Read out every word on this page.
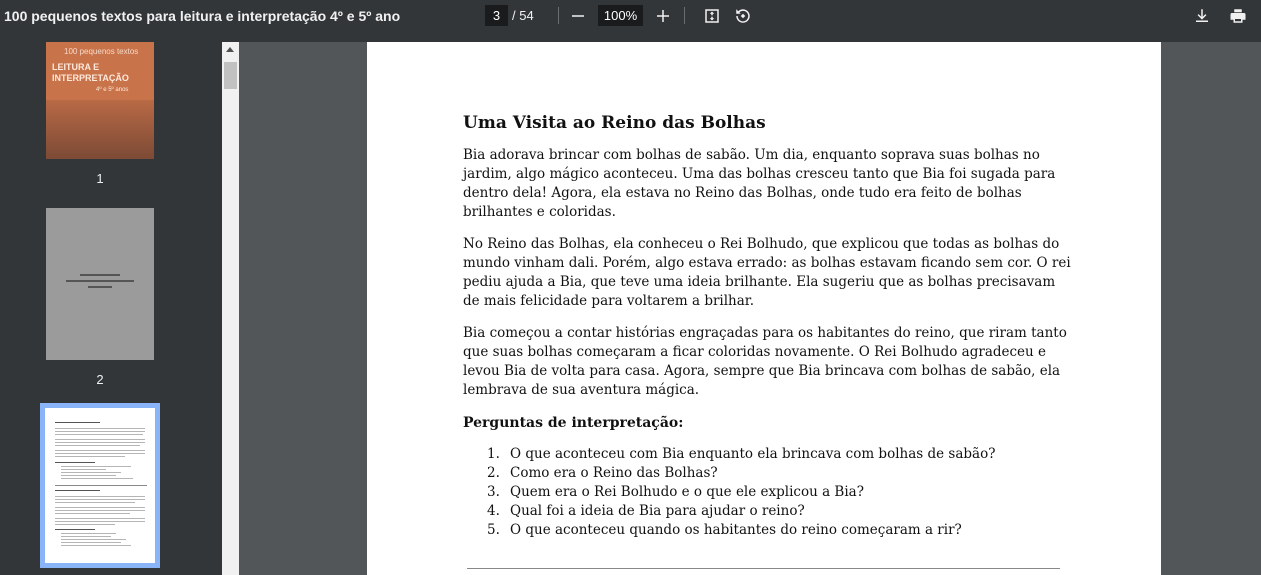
100 pequenos textos para leitura e interpretação 4º e 5º ano	3 / 54	100%
100 pequenos textos
LEITURA E INTERPRETAÇÃO
4º e 5º anos
1
2
Uma Visita ao Reino das Bolhas

Bia adorava brincar com bolhas de sabão. Um dia, enquanto soprava suas bolhas no jardim, algo mágico aconteceu. Uma das bolhas cresceu tanto que Bia foi sugada para dentro dela! Agora, ela estava no Reino das Bolhas, onde tudo era feito de bolhas brilhantes e coloridas.

No Reino das Bolhas, ela conheceu o Rei Bolhudo, que explicou que todas as bolhas do mundo vinham dali. Porém, algo estava errado: as bolhas estavam ficando sem cor. O rei pediu ajuda a Bia, que teve uma ideia brilhante. Ela sugeriu que as bolhas precisavam de mais felicidade para voltarem a brilhar.

Bia começou a contar histórias engraçadas para os habitantes do reino, que riram tanto que suas bolhas começaram a ficar coloridas novamente. O Rei Bolhudo agradeceu e levou Bia de volta para casa. Agora, sempre que Bia brincava com bolhas de sabão, ela lembrava de sua aventura mágica.

Perguntas de interpretação:
1. O que aconteceu com Bia enquanto ela brincava com bolhas de sabão?
2. Como era o Reino das Bolhas?
3. Quem era o Rei Bolhudo e o que ele explicou a Bia?
4. Qual foi a ideia de Bia para ajudar o reino?
5. O que aconteceu quando os habitantes do reino começaram a rir?
